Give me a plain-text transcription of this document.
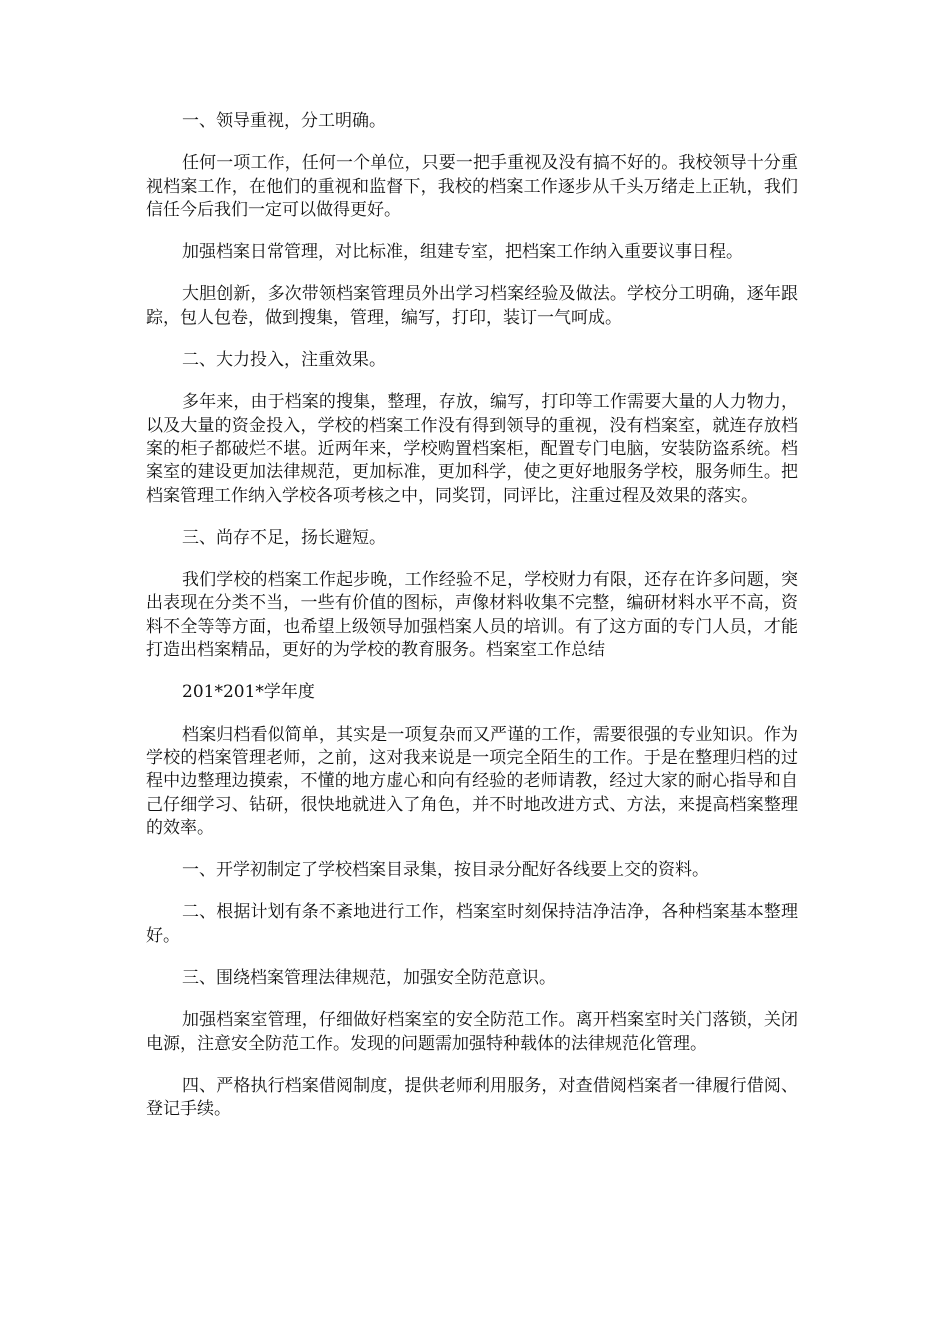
一、领导重视，分工明确。

任何一项工作，任何一个单位，只要一把手重视及没有搞不好的。我校领导十分重视档案工作，在他们的重视和监督下，我校的档案工作逐步从千头万绪走上正轨，我们信任今后我们一定可以做得更好。

加强档案日常管理，对比标准，组建专室，把档案工作纳入重要议事日程。

大胆创新，多次带领档案管理员外出学习档案经验及做法。学校分工明确，逐年跟踪，包人包卷，做到搜集，管理，编写，打印，装订一气呵成。

二、大力投入，注重效果。

多年来，由于档案的搜集，整理，存放，编写，打印等工作需要大量的人力物力，以及大量的资金投入，学校的档案工作没有得到领导的重视，没有档案室，就连存放档案的柜子都破烂不堪。近两年来，学校购置档案柜，配置专门电脑，安装防盗系统。档案室的建设更加法律规范，更加标准，更加科学，使之更好地服务学校，服务师生。把档案管理工作纳入学校各项考核之中，同奖罚，同评比，注重过程及效果的落实。

三、尚存不足，扬长避短。

我们学校的档案工作起步晚，工作经验不足，学校财力有限，还存在许多问题，突出表现在分类不当，一些有价值的图标，声像材料收集不完整，编研材料水平不高，资料不全等等方面，也希望上级领导加强档案人员的培训。有了这方面的专门人员，才能打造出档案精品，更好的为学校的教育服务。档案室工作总结

201*201*学年度

档案归档看似简单，其实是一项复杂而又严谨的工作，需要很强的专业知识。作为学校的档案管理老师，之前，这对我来说是一项完全陌生的工作。于是在整理归档的过程中边整理边摸索，不懂的地方虚心和向有经验的老师请教，经过大家的耐心指导和自己仔细学习、钻研，很快地就进入了角色，并不时地改进方式、方法，来提高档案整理的效率。

一、开学初制定了学校档案目录集，按目录分配好各线要上交的资料。

二、根据计划有条不紊地进行工作，档案室时刻保持洁净洁净，各种档案基本整理好。

三、围绕档案管理法律规范，加强安全防范意识。

加强档案室管理，仔细做好档案室的安全防范工作。离开档案室时关门落锁，关闭电源，注意安全防范工作。发现的问题需加强特种载体的法律规范化管理。

四、严格执行档案借阅制度，提供老师利用服务，对查借阅档案者一律履行借阅、登记手续。
